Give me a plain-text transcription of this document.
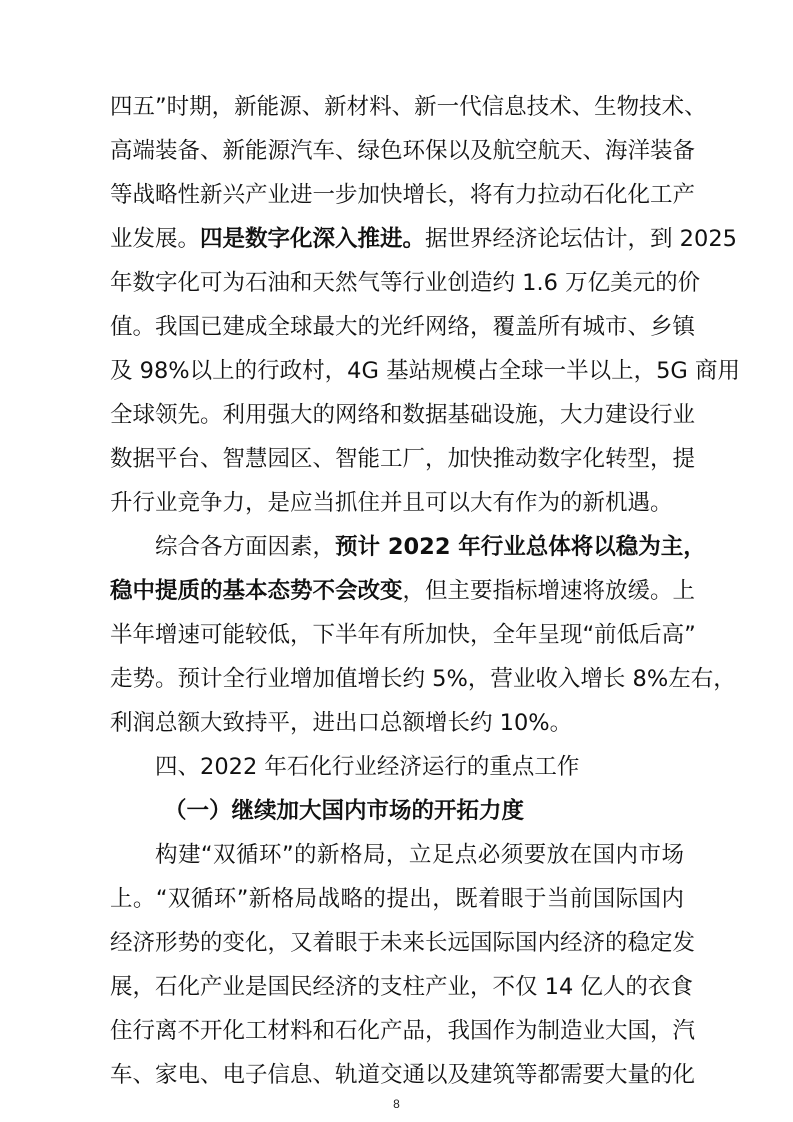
四五”时期，新能源、新材料、新一代信息技术、生物技术、
高端装备、新能源汽车、绿色环保以及航空航天、海洋装备
等战略性新兴产业进一步加快增长，将有力拉动石化化工产
业发展。四是数字化深入推进。据世界经济论坛估计，到 2025
年数字化可为石油和天然气等行业创造约 1.6 万亿美元的价
值。我国已建成全球最大的光纤网络，覆盖所有城市、乡镇
及 98%以上的行政村，4G 基站规模占全球一半以上，5G 商用
全球领先。利用强大的网络和数据基础设施，大力建设行业
数据平台、智慧园区、智能工厂，加快推动数字化转型，提
升行业竞争力，是应当抓住并且可以大有作为的新机遇。
综合各方面因素，预计 2022 年行业总体将以稳为主，
稳中提质的基本态势不会改变，但主要指标增速将放缓。上
半年增速可能较低，下半年有所加快，全年呈现“前低后高”
走势。预计全行业增加值增长约 5%，营业收入增长 8%左右，
利润总额大致持平，进出口总额增长约 10%。
四、2022 年石化行业经济运行的重点工作
（一）继续加大国内市场的开拓力度
构建“双循环”的新格局，立足点必须要放在国内市场
上。“双循环”新格局战略的提出，既着眼于当前国际国内
经济形势的变化，又着眼于未来长远国际国内经济的稳定发
展，石化产业是国民经济的支柱产业，不仅 14 亿人的衣食
住行离不开化工材料和石化产品，我国作为制造业大国，汽
车、家电、电子信息、轨道交通以及建筑等都需要大量的化
8
